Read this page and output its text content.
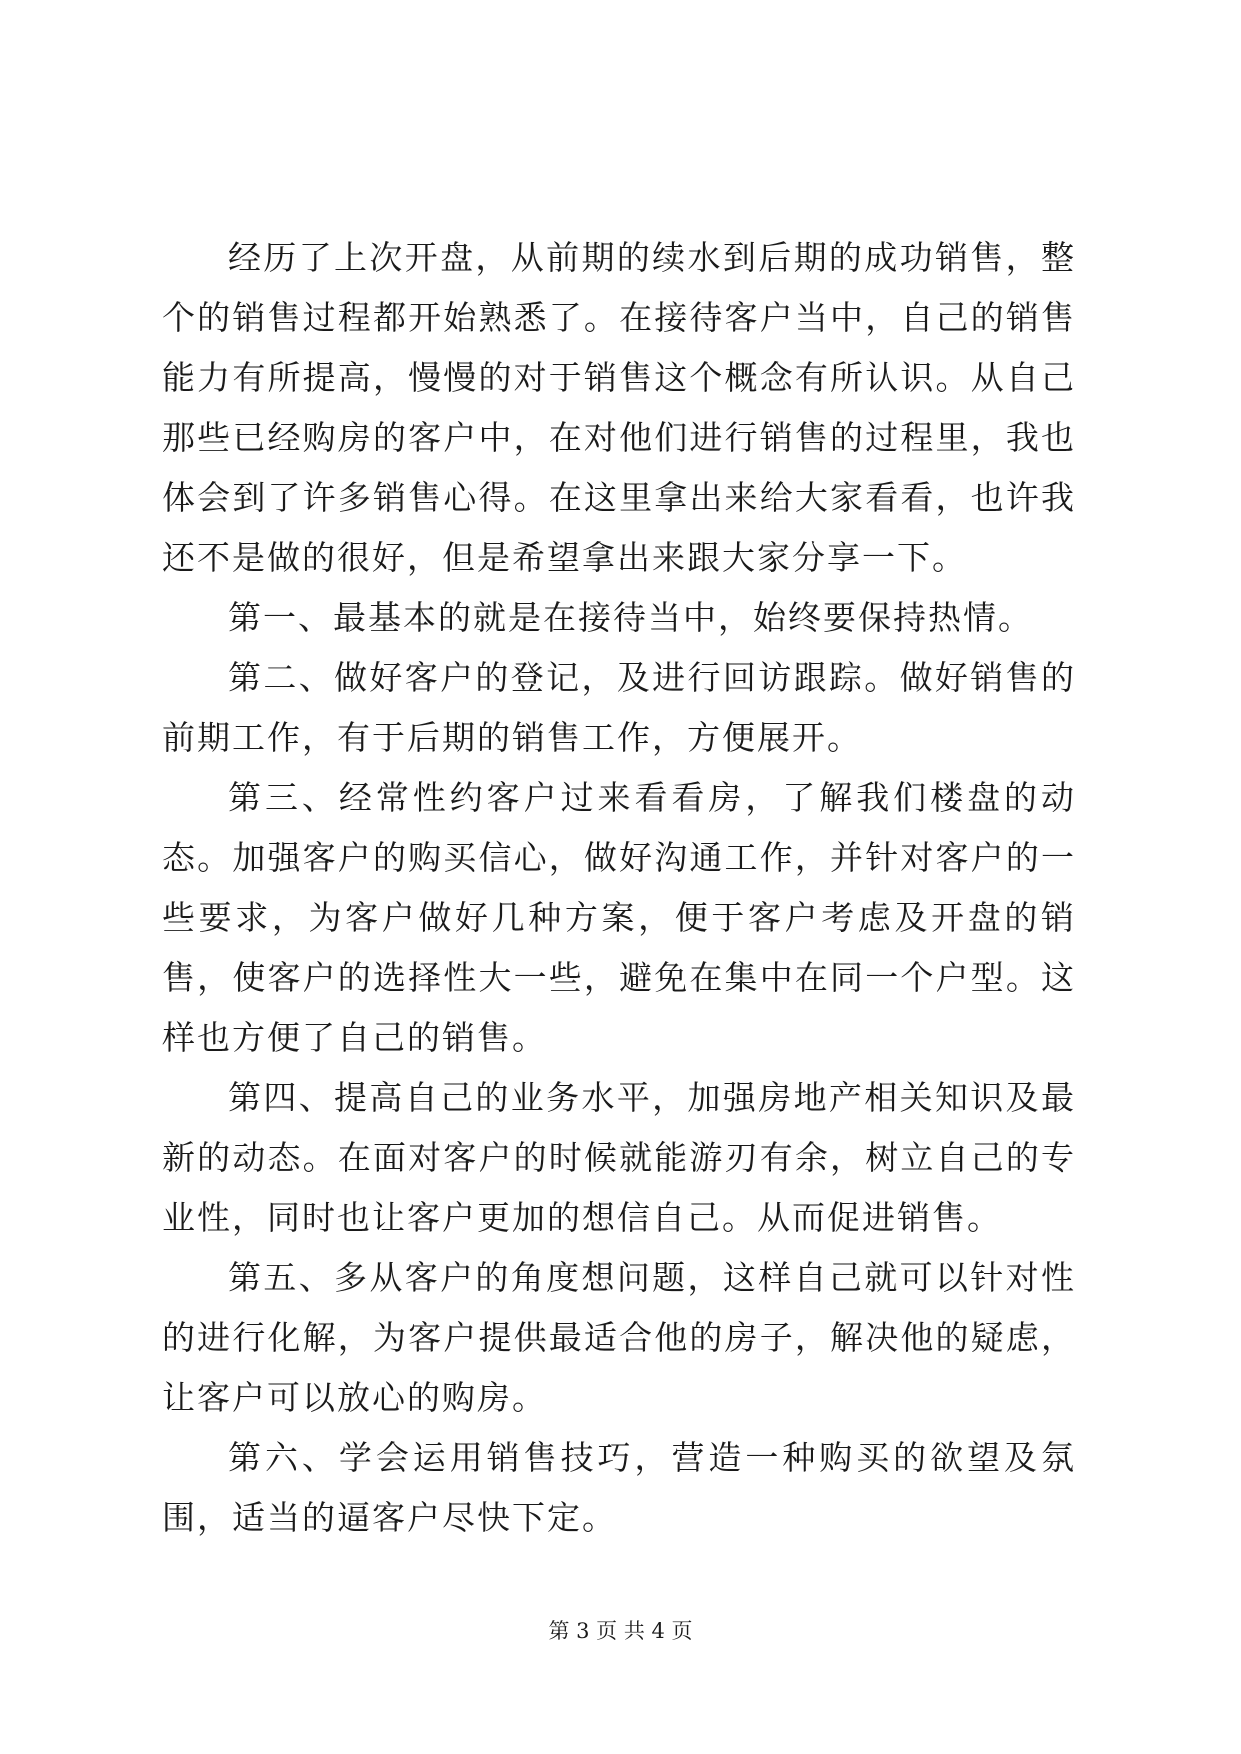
经历了上次开盘，从前期的续水到后期的成功销售，整个的销售过程都开始熟悉了。在接待客户当中，自己的销售能力有所提高，慢慢的对于销售这个概念有所认识。从自己那些已经购房的客户中，在对他们进行销售的过程里，我也体会到了许多销售心得。在这里拿出来给大家看看，也许我还不是做的很好，但是希望拿出来跟大家分享一下。

第一、最基本的就是在接待当中，始终要保持热情。

第二、做好客户的登记，及进行回访跟踪。做好销售的前期工作，有于后期的销售工作，方便展开。

第三、经常性约客户过来看看房，了解我们楼盘的动态。加强客户的购买信心，做好沟通工作，并针对客户的一些要求，为客户做好几种方案，便于客户考虑及开盘的销售，使客户的选择性大一些，避免在集中在同一个户型。这样也方便了自己的销售。

第四、提高自己的业务水平，加强房地产相关知识及最新的动态。在面对客户的时候就能游刃有余，树立自己的专业性，同时也让客户更加的想信自己。从而促进销售。

第五、多从客户的角度想问题，这样自己就可以针对性的进行化解，为客户提供最适合他的房子，解决他的疑虑，让客户可以放心的购房。

第六、学会运用销售技巧，营造一种购买的欲望及氛围，适当的逼客户尽快下定。

第 3 页 共 4 页
